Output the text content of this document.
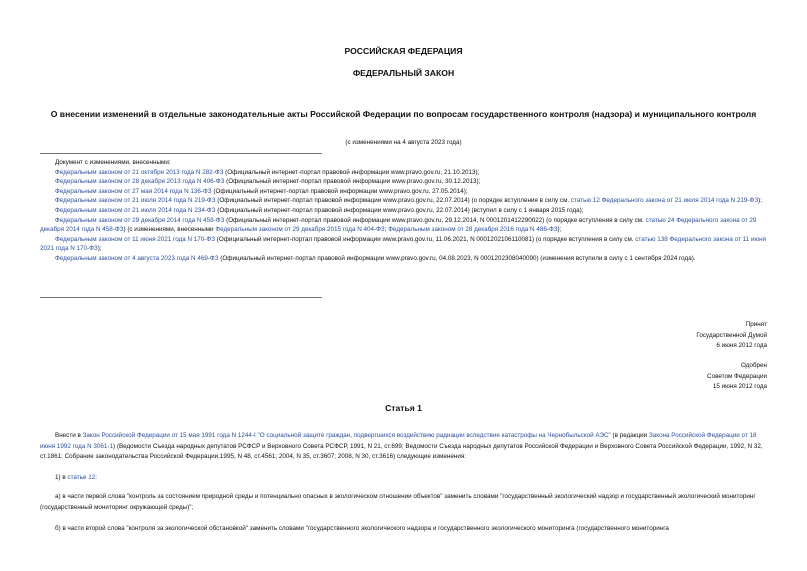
РОССИЙСКАЯ ФЕДЕРАЦИЯ
ФЕДЕРАЛЬНЫЙ ЗАКОН
О внесении изменений в отдельные законодательные акты Российской Федерации по вопросам государственного контроля (надзора) и муниципального контроля
(с изменениями на 4 августа 2023 года)

Документ с изменениями, внесенными:

Федеральным законом от 21 октября 2013 года N 282-ФЗ (Официальный интернет-портал правовой информации www.pravo.gov.ru, 21.10.2013);

Федеральным законом от 28 декабря 2013 года N 406-ФЗ (Официальный интернет-портал правовой информации www.pravo.gov.ru, 30.12.2013);

Федеральным законом от 27 мая 2014 года N 136-ФЗ (Официальный интернет-портал правовой информации www.pravo.gov.ru, 27.05.2014);

Федеральным законом от 21 июля 2014 года N 219-ФЗ (Официальный интернет-портал правовой информации www.pravo.gov.ru, 22.07.2014) (о порядке вступления в силу см. статью 12 Федерального закона от 21 июля 2014 года N 219-ФЗ);

Федеральным законом от 21 июля 2014 года N 234-ФЗ (Официальный интернет-портал правовой информации www.pravo.gov.ru, 22.07.2014) (вступил в силу с 1 января 2015 года);

Федеральным законом от 29 декабря 2014 года N 458-ФЗ (Официальный интернет-портал правовой информации www.pravo.gov.ru, 29.12.2014, N 0001201412290022) (о порядке вступления в силу см. статью 24 Федерального закона от 29 декабря 2014 года N 458-ФЗ) (с изменениями, внесенными Федеральным законом от 29 декабря 2015 года N 404-ФЗ; Федеральным законом от 28 декабря 2016 года N 486-ФЗ);

Федеральным законом от 11 июня 2021 года N 170-ФЗ (Официальный интернет-портал правовой информации www.pravo.gov.ru, 11.06.2021, N 0001202106110081) (о порядке вступления в силу см. статью 138 Федерального закона от 11 июня 2021 года N 170-ФЗ);

Федеральным законом от 4 августа 2023 года N 469-ФЗ (Официальный интернет-портал правовой информации www.pravo.gov.ru, 04.08.2023, N 0001202308040090) (изменения вступили в силу с 1 сентября 2024 года).

Принят
Государственной Думой
6 июня 2012 года
Одобрен
Советом Федерации
15 июня 2012 года
Статья 1

Внести в Закон Российской Федерации от 15 мая 1991 года N 1244-I "О социальной защите граждан, подвергшихся воздействию радиации вследствие катастрофы на Чернобыльской АЭС" (в редакции Закона Российской Федерации от 18 июня 1992 года N 3061-1) (Ведомости Съезда народных депутатов РСФСР и Верховного Совета РСФСР, 1991, N 21, ст.699; Ведомости Съезда народных депутатов Российской Федерации и Верховного Совета Российской Федерации, 1992, N 32, ст.1861; Собрание законодательства Российской Федерации,1995, N 48, ст.4561; 2004, N 35, ст.3607; 2008, N 30, ст.3616) следующие изменения:

1) в статье 12:

а) в части первой слова "контроль за состоянием природной среды и потенциально опасных в экологическом отношении объектов" заменить словами "государственный экологический надзор и государственный экологический мониторинг (государственный мониторинг окружающей среды)";

б) в части второй слова "контроля за экологической обстановкой" заменить словами "государственного экологического надзора и государственного экологического мониторинга (государственного мониторинга
